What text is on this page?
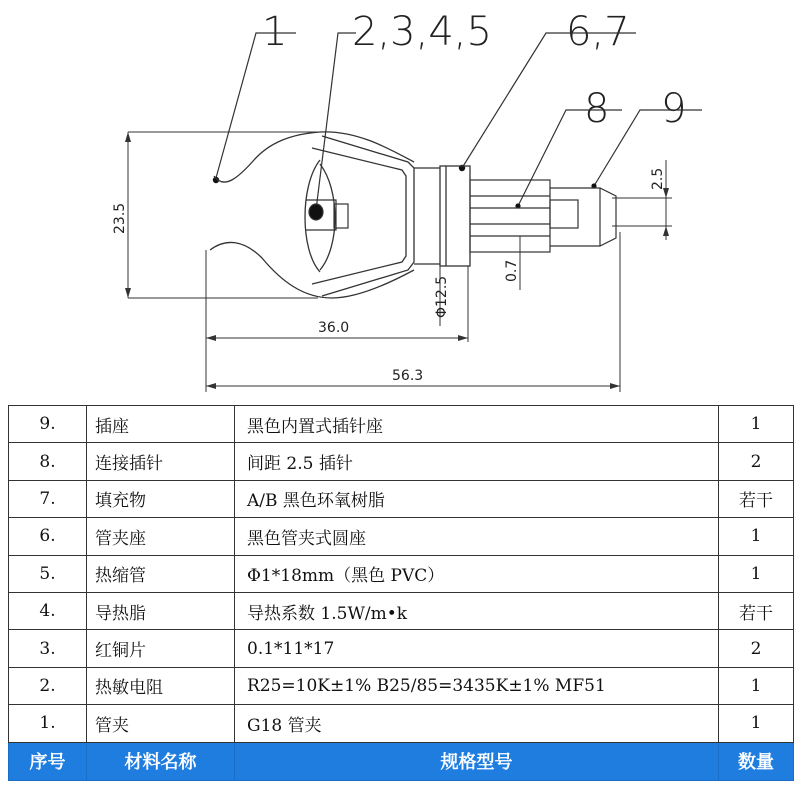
1 2,3,4,5 6,7
8 9
23.5
Φ12.5
36.0
56.3
2.5
0.7
9.	插座	黑色内置式插针座	1
8.	连接插针	间距 2.5 插针	2
7.	填充物	A/B 黑色环氧树脂	若干
6.	管夹座	黑色管夹式圆座	1
5.	热缩管	Φ1*18mm（黑色 PVC）	1
4.	导热脂	导热系数 1.5W/m•k	若干
3.	红铜片	0.1*11*17	2
2.	热敏电阻	R25=10K±1% B25/85=3435K±1% MF51	1
1.	管夹	G18 管夹	1
序号	材料名称	规格型号	数量
